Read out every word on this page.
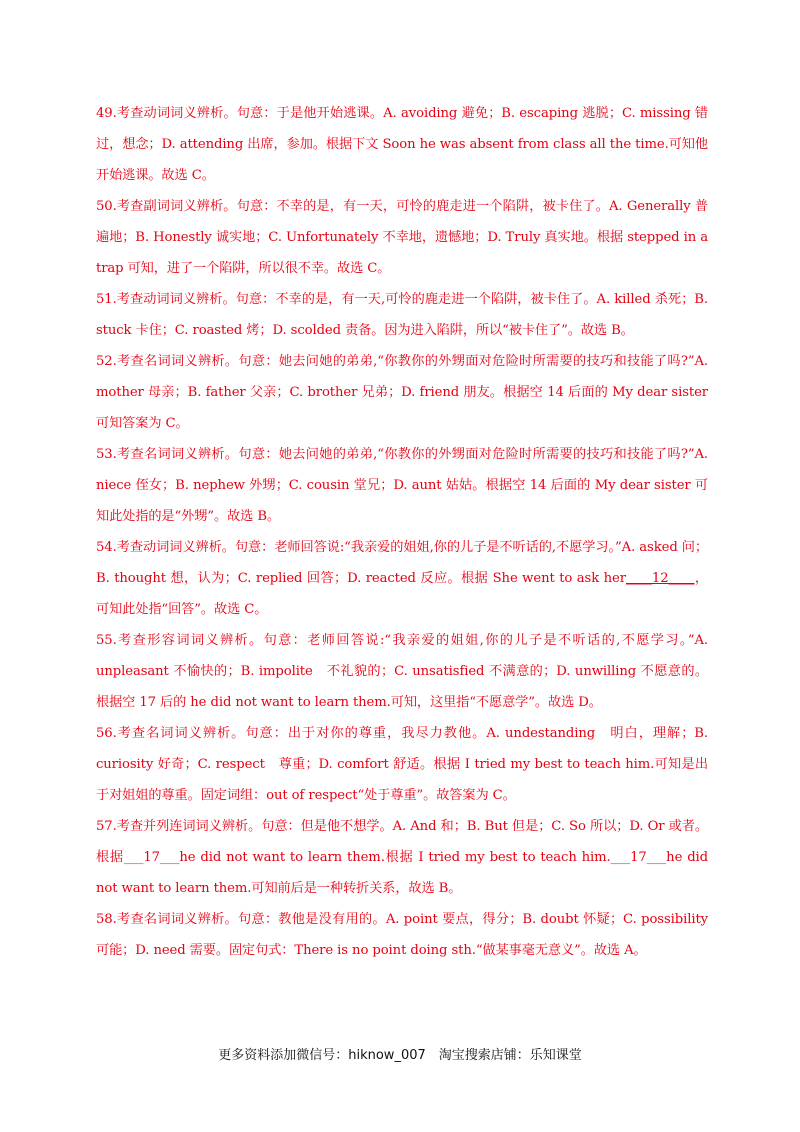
49.考查动词词义辨析。句意：于是他开始逃课。A. avoiding 避免；B. escaping 逃脱；C. missing 错过，想念；D. attending 出席，参加。根据下文 Soon he was absent from class all the time.可知他开始逃课。故选 C。

50.考查副词词义辨析。句意：不幸的是，有一天，可怜的鹿走进一个陷阱，被卡住了。A. Generally 普遍地；B. Honestly 诚实地；C. Unfortunately 不幸地，遗憾地；D. Truly 真实地。根据 stepped in a trap 可知，进了一个陷阱，所以很不幸。故选 C。

51.考查动词词义辨析。句意：不幸的是，有一天,可怜的鹿走进一个陷阱，被卡住了。A. killed 杀死；B. stuck 卡住；C. roasted 烤；D. scolded 责备。因为进入陷阱，所以“被卡住了”。故选 B。

52.考查名词词义辨析。句意：她去问她的弟弟,“你教你的外甥面对危险时所需要的技巧和技能了吗?”A. mother 母亲；B. father 父亲；C. brother 兄弟；D. friend 朋友。根据空 14 后面的 My dear sister 可知答案为 C。

53.考查名词词义辨析。句意：她去问她的弟弟,“你教你的外甥面对危险时所需要的技巧和技能了吗?”A. niece 侄女；B. nephew 外甥；C. cousin 堂兄；D. aunt 姑姑。根据空 14 后面的 My dear sister 可知此处指的是“外甥”。故选 B。

54.考查动词词义辨析。句意：老师回答说:“我亲爱的姐姐,你的儿子是不听话的,不愿学习。”A. asked 问；B. thought 想，认为；C. replied 回答；D. reacted 反应。根据 She went to ask her____12____，可知此处指“回答”。故选 C。

55.考查形容词词义辨析。句意：老师回答说:“我亲爱的姐姐,你的儿子是不听话的,不愿学习。”A. unpleasant 不愉快的；B. impolite　不礼貌的；C. unsatisfied 不满意的；D. unwilling 不愿意的。根据空 17 后的 he did not want to learn them.可知，这里指“不愿意学”。故选 D。

56.考查名词词义辨析。句意：出于对你的尊重，我尽力教他。A. undestanding　明白，理解；B. curiosity 好奇；C. respect　尊重；D. comfort 舒适。根据 I tried my best to teach him.可知是出于对姐姐的尊重。固定词组：out of respect“处于尊重”。故答案为 C。

57.考查并列连词词义辨析。句意：但是他不想学。A. And 和；B. But 但是；C. So 所以；D. Or 或者。根据___17___he did not want to learn them.根据 I tried my best to teach him.___17___he did not want to learn them.可知前后是一种转折关系，故选 B。

58.考查名词词义辨析。句意：教他是没有用的。A. point 要点，得分；B. doubt 怀疑；C. possibility 可能；D. need 需要。固定句式：There is no point doing sth.“做某事毫无意义”。故选 A。

更多资料添加微信号：hiknow_007　淘宝搜索店铺：乐知课堂
